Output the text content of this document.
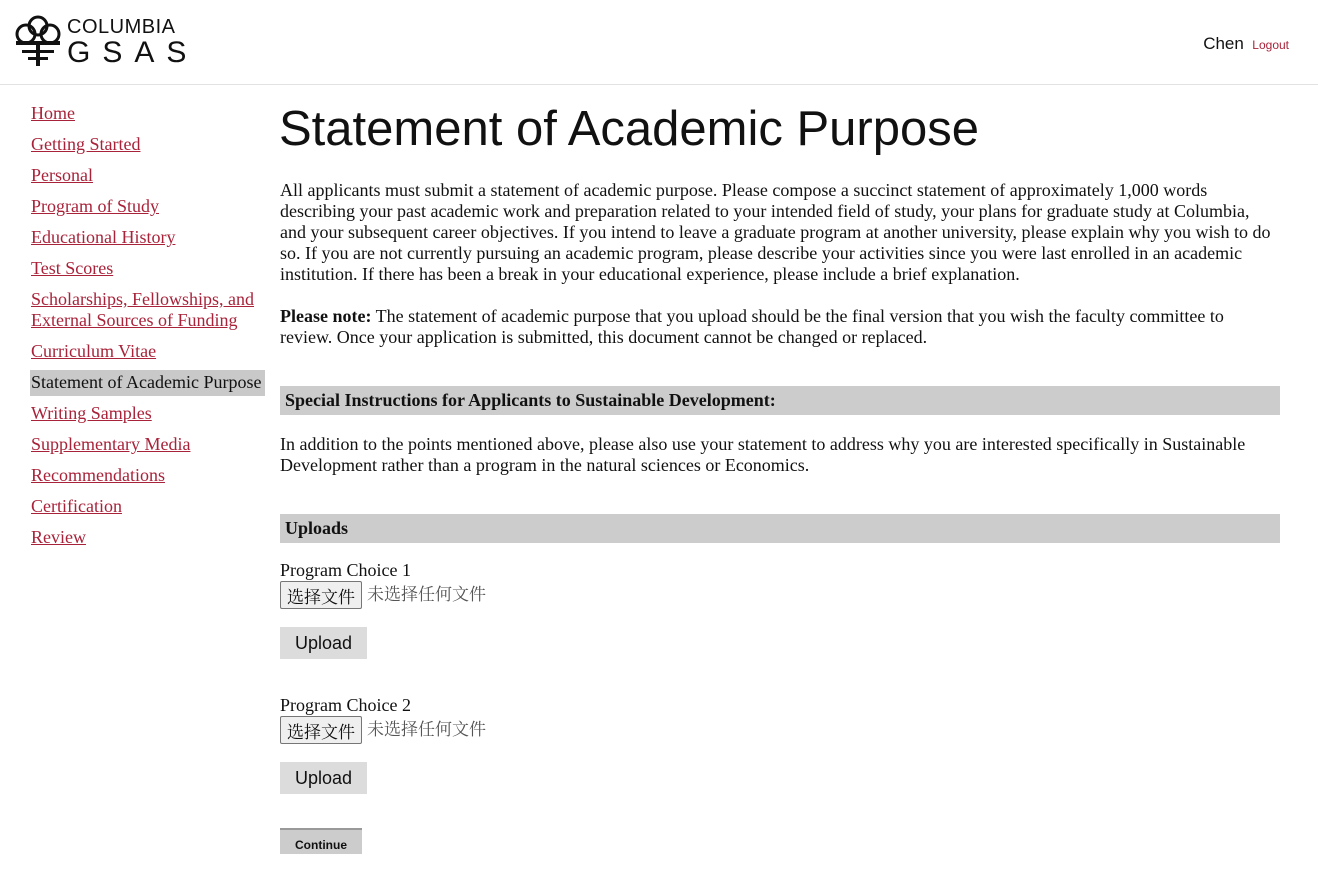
COLUMBIA
GSAS	Chen Logout
Home
Getting Started
Personal
Program of Study
Educational History
Test Scores
Scholarships, Fellowships, and External Sources of Funding
Curriculum Vitae
Statement of Academic Purpose
Writing Samples
Supplementary Media
Recommendations
Certification
Review
Statement of Academic Purpose

All applicants must submit a statement of academic purpose. Please compose a succinct statement of approximately 1,000 words describing your past academic work and preparation related to your intended field of study, your plans for graduate study at Columbia, and your subsequent career objectives. If you intend to leave a graduate program at another university, please explain why you wish to do so. If you are not currently pursuing an academic program, please describe your activities since you were last enrolled in an academic institution. If there has been a break in your educational experience, please include a brief explanation.

Please note: The statement of academic purpose that you upload should be the final version that you wish the faculty committee to review. Once your application is submitted, this document cannot be changed or replaced.

Special Instructions for Applicants to Sustainable Development:

In addition to the points mentioned above, please also use your statement to address why you are interested specifically in Sustainable Development rather than a program in the natural sciences or Economics.

Uploads
Program Choice 1
选择文件 未选择任何文件
Upload
Program Choice 2
选择文件 未选择任何文件
Upload
Continue
